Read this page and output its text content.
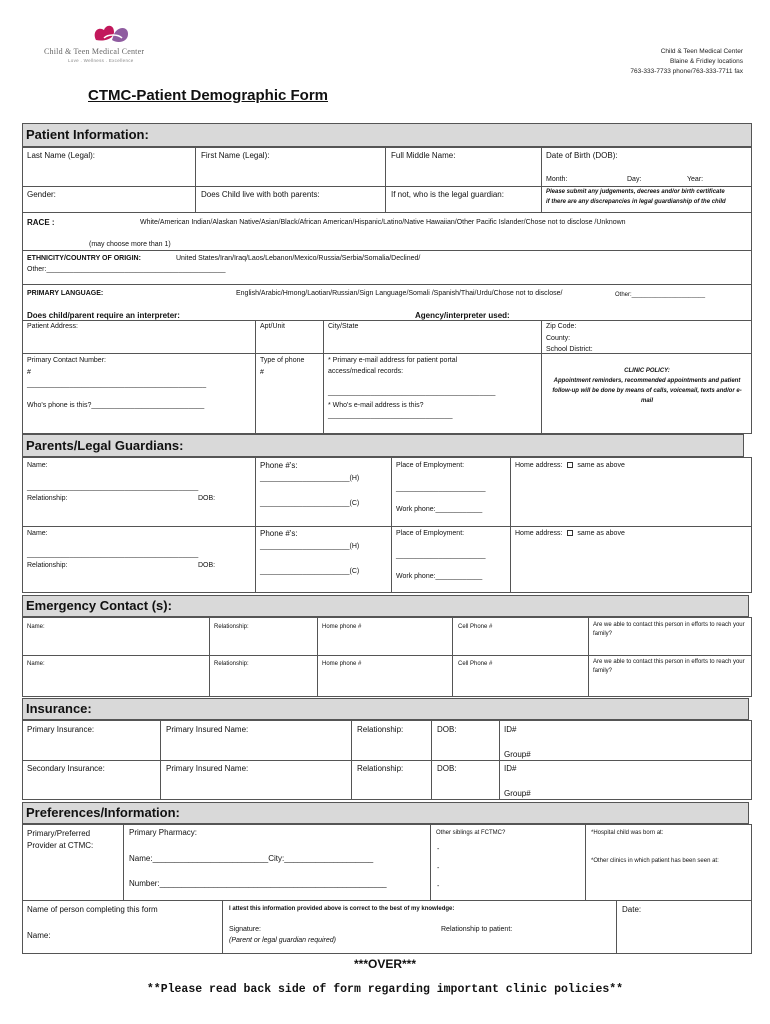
Child & Teen Medical Center
Love . Wellness . Excellence
Child & Teen Medical Center
Blaine & Fridley locations
763-333-7733 phone/763-333-7711 fax
CTMC-Patient Demographic Form
Patient Information:
Last Name (Legal):	First Name (Legal):	Full Middle Name:	Date of Birth (DOB):
Month:	Day:	Year:
Gender:	Does Child live with both parents:	If not, who is the legal guardian:	Please submit any judgements, decrees and/or birth certificate
if there are any discrepancies in legal guardianship of the child
RACE :	White/American Indian/Alaskan Native/Asian/Black/African American/Hispanic/Latino/Native Hawaiian/Other Pacific Islander/Chose not to disclose /Unknown
(may choose more than 1)
ETHNICITY/COUNTRY OF ORIGIN:	United States/Iran/Iraq/Laos/Lebanon/Mexico/Russia/Serbia/Somalia/Declined/
Other:______________________________________________
PRIMARY LANGUAGE:	English/Arabic/Hmong/Laotian/Russian/Sign Language/Somali /Spanish/Thai/Urdu/Chose not to disclose/	Other:______________________
Does child/parent require an interpreter:	Agency/interpreter used:
Patient Address:	Apt/Unit	City/State	Zip Code:
County:
School District:
Primary Contact Number:
#
______________________________________________
Who's phone is this?_____________________________
Type of phone
#
* Primary e-mail address for patient portal
access/medical records:
___________________________________________
* Who's e-mail address is this?
________________________________
CLINIC POLICY:
Appointment reminders, recommended appointments and patient follow-up will be done by means of calls, voicemail, texts and/or e-mail
Parents/Legal Guardians:
Name:
____________________________________________
Relationship:	DOB:
Phone #'s:
_______________________(H)
_______________________(C)
Place of Employment:
_______________________
Work phone:____________
Home address: same as above
Name:
____________________________________________
Relationship:	DOB:
Phone #'s:
_______________________(H)
_______________________(C)
Place of Employment:
_______________________
Work phone:____________
Home address: same as above
Emergency Contact (s):
Name:	Relationship:	Home phone #	Cell Phone #	Are we able to contact this person in efforts to reach your family?
Name:	Relationship:	Home phone #	Cell Phone #	Are we able to contact this person in efforts to reach your family?
Insurance:
Primary Insurance:	Primary Insured Name:	Relationship:	DOB:	ID#
Group#
Secondary Insurance:	Primary Insured Name:	Relationship:	DOB:	ID#
Group#
Preferences/Information:
Primary/Preferred Provider at CTMC:
Primary Pharmacy:
Name:__________________________City:____________________
Number:___________________________________________________
Other siblings at FCTMC?
-
-
-
*Hospital child was born at:
*Other clinics in which patient has been seen at:
Name of person completing this form
Name:
I attest this information provided above is correct to the best of my knowledge:
Signature:
(Parent or legal guardian required)
Relationship to patient:
Date:
***OVER***
**Please read back side of form regarding important clinic policies**
